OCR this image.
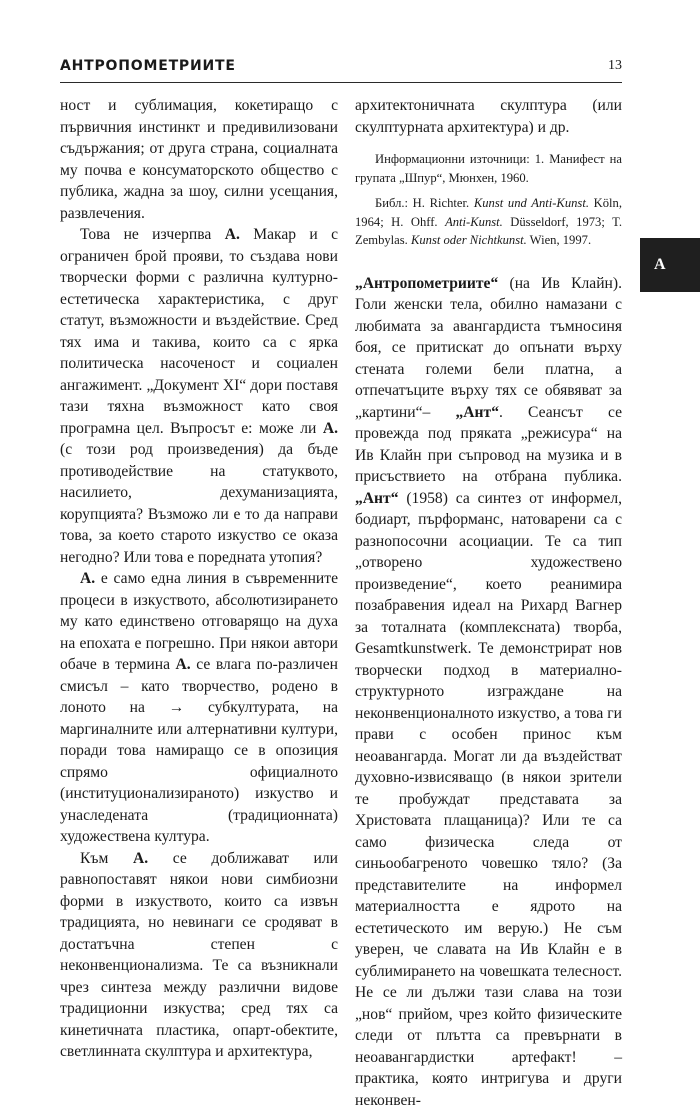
АНТРОПОМЕТРИИТЕ	13
А

ност и сублимация, кокетиращо с първичния инстинкт и предивилизовани съдържания; от друга страна, социалната му почва е консуматорското общество с публика, жадна за шоу, силни усещания, развлечения.

Това не изчерпва А. Макар и с ограничен брой прояви, то създава нови творчески форми с различна културно-естетическа характеристика, с друг статут, възможности и въздействие. Сред тях има и такива, които са с ярка политическа насоченост и социален ангажимент. „Документ XI“ дори поставя тази тяхна възможност като своя програмна цел. Въпросът е: може ли А. (с този род произведения) да бъде противодействие на статуквото, насилието, дехуманизацията, корупцията? Възможо ли е то да направи това, за което старото изкуство се оказа негодно? Или това е поредната утопия?

А. е само една линия в съвременните процеси в изкуството, абсолютизирането му като единствено отговарящо на духа на епохата е погрешно. При някои автори обаче в термина А. се влага по-различен смисъл – като творчество, родено в лоното на → субкултурата, на маргиналните или алтернативни култури, поради това намиращо се в опозиция спрямо официалното (институционализираното) изкуство и унаследената (традиционната) художествена култура.

Към А. се доближават или равнопоставят някои нови симбиозни форми в изкуството, които са извън традицията, но невинаги се сродяват в достатъчна степен с неконвенционализма. Те са възникнали чрез синтеза между различни видове традиционни изкуства; сред тях са кинетичната пластика, опарт-обектите, светлинната скулптура и архитектура,

архитектоничната скулптура (или скулптурната архитектура) и др.

Информационни източници: 1. Манифест на групата „Шпур“, Мюнхен, 1960.

Библ.: H. Richter. Kunst und Anti-Kunst. Köln, 1964; H. Ohff. Anti-Kunst. Düsseldorf, 1973; T. Zembylas. Kunst oder Nichtkunst. Wien, 1997.

„Антропометриите“ (на Ив Клайн). Голи женски тела, обилно намазани с любимата за авангардиста тъмносиня боя, се притискат до опънати върху стената големи бели платна, а отпечатъците върху тях се обявяват за „картини“– „Ант“. Сеансът се провежда под пряката „режисура“ на Ив Клайн при съпровод на музика и в присъствието на отбрана публика. „Ант“ (1958) са синтез от информел, бодиарт, пърформанс, натоварени са с разнопосочни асоциации. Те са тип „отворено художествено произведение“, което реанимира позабравения идеал на Рихард Вагнер за тоталната (комплексната) творба, Gesamtkunstwerk. Те демонстрират нов творчески подход в материално-структурното изграждане на неконвенционалното изкуство, а това ги прави с особен принос към неоавангарда. Могат ли да въздействат духовно-извисяващо (в някои зрители те пробуждат представата за Христовата плащаница)? Или те са само физическа следа от синьообагреното човешко тяло? (За представителите на информел материалността е ядрото на естетическото им верую.) Не съм уверен, че славата на Ив Клайн е в сублимирането на човешката телесност. Не се ли дължи тази слава на този „нов“ прийом, чрез който физическите следи от плътта са превърнати в неоавангардистки артефакт! – практика, която интригува и други неконвен-
